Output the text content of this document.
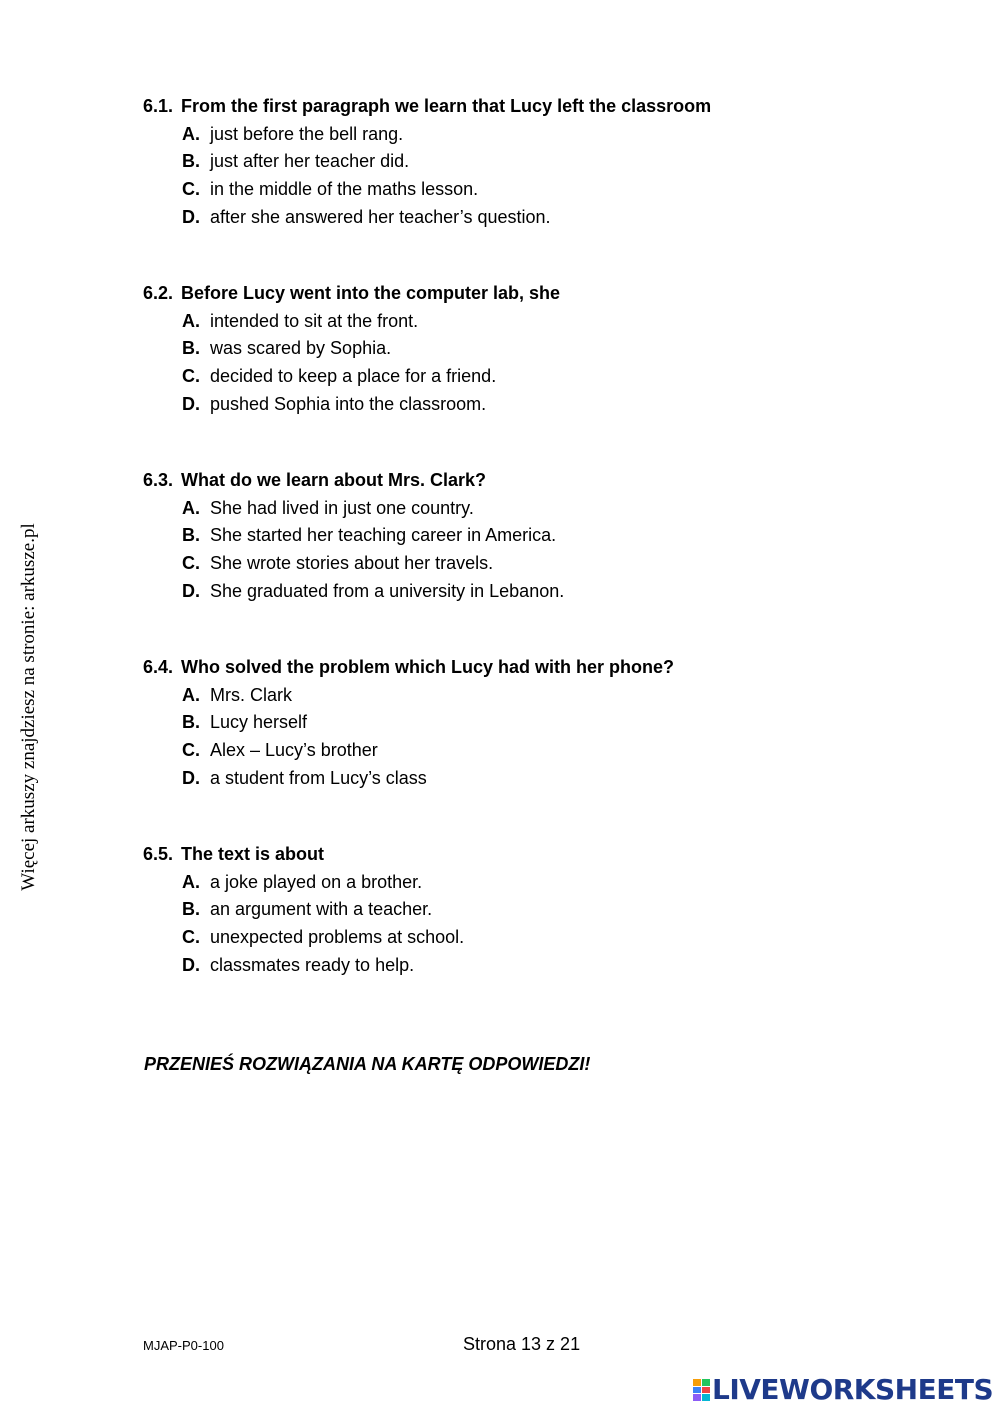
Więcej arkuszy znajdziesz na stronie: arkusze.pl
6.1. From the first paragraph we learn that Lucy left the classroom
A. just before the bell rang.
B. just after her teacher did.
C. in the middle of the maths lesson.
D. after she answered her teacher’s question.
6.2. Before Lucy went into the computer lab, she
A. intended to sit at the front.
B. was scared by Sophia.
C. decided to keep a place for a friend.
D. pushed Sophia into the classroom.
6.3. What do we learn about Mrs. Clark?
A. She had lived in just one country.
B. She started her teaching career in America.
C. She wrote stories about her travels.
D. She graduated from a university in Lebanon.
6.4. Who solved the problem which Lucy had with her phone?
A. Mrs. Clark
B. Lucy herself
C. Alex – Lucy’s brother
D. a student from Lucy’s class
6.5. The text is about
A. a joke played on a brother.
B. an argument with a teacher.
C. unexpected problems at school.
D. classmates ready to help.
PRZENIEŚ ROZWIĄZANIA NA KARTĘ ODPOWIEDZI!
MJAP-P0-100	Strona 13 z 21
LIVEWORKSHEETS
